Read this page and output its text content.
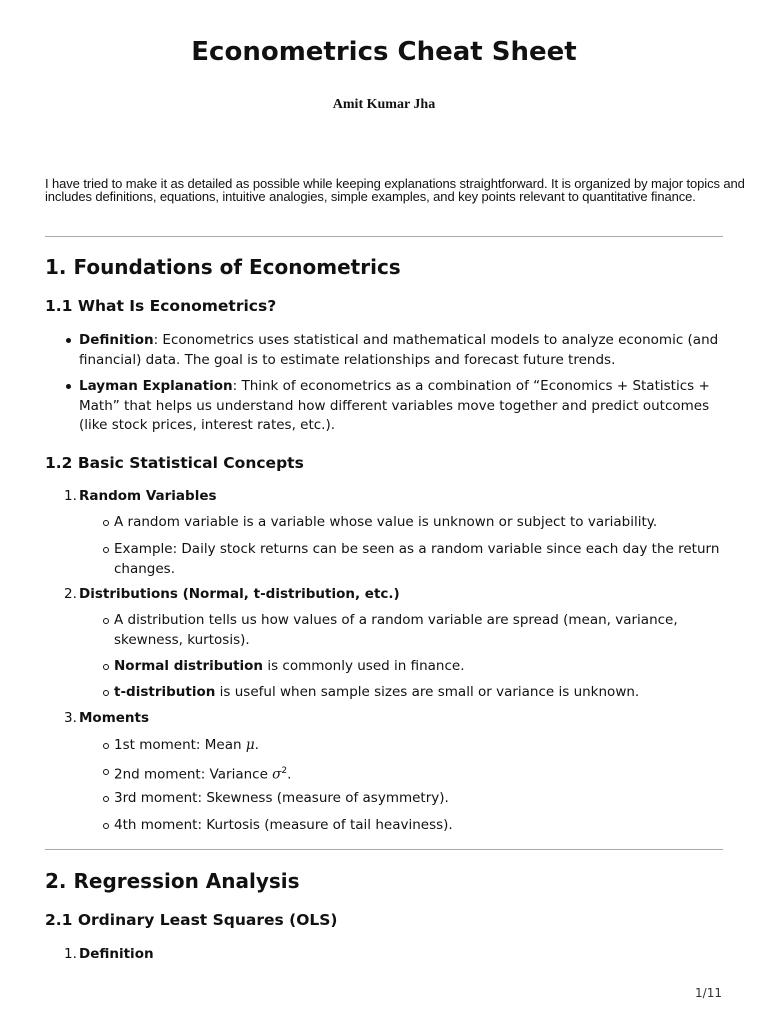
Econometrics Cheat Sheet
Amit Kumar Jha
I have tried to make it as detailed as possible while keeping explanations straightforward. It is organized by major topics and includes definitions, equations, intuitive analogies, simple examples, and key points relevant to quantitative finance.
1. Foundations of Econometrics
1.1 What Is Econometrics?
Definition: Econometrics uses statistical and mathematical models to analyze economic (and financial) data. The goal is to estimate relationships and forecast future trends.
Layman Explanation: Think of econometrics as a combination of “Economics + Statistics + Math” that helps us understand how different variables move together and predict outcomes (like stock prices, interest rates, etc.).
1.2 Basic Statistical Concepts
1. Random Variables
A random variable is a variable whose value is unknown or subject to variability.
Example: Daily stock returns can be seen as a random variable since each day the return changes.
2. Distributions (Normal, t-distribution, etc.)
A distribution tells us how values of a random variable are spread (mean, variance, skewness, kurtosis).
Normal distribution is commonly used in finance.
t-distribution is useful when sample sizes are small or variance is unknown.
3. Moments
1st moment: Mean μ.
2nd moment: Variance $\sigma^2$.
3rd moment: Skewness (measure of asymmetry).
4th moment: Kurtosis (measure of tail heaviness).
2. Regression Analysis
2.1 Ordinary Least Squares (OLS)
1. Definition
1/11
